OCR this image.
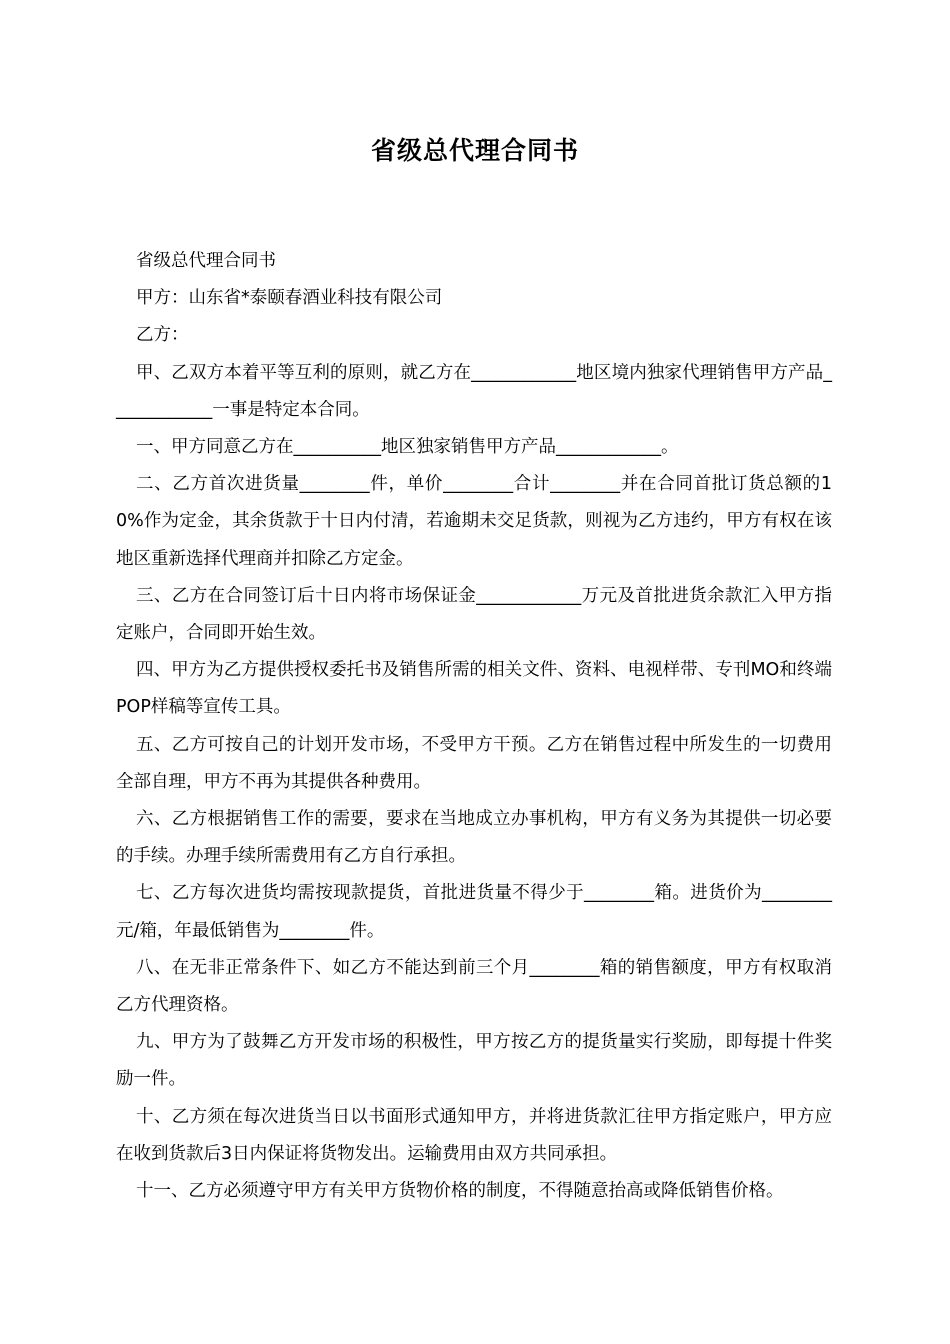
省级总代理合同书

省级总代理合同书

甲方：山东省*泰颐春酒业科技有限公司

乙方：

甲、乙双方本着平等互利的原则，就乙方在____________地区境内独家代理销售甲方产品____________一事是特定本合同。

一、甲方同意乙方在__________地区独家销售甲方产品____________。

二、乙方首次进货量________件，单价________合计________并在合同首批订货总额的10%作为定金，其余货款于十日内付清，若逾期未交足货款，则视为乙方违约，甲方有权在该地区重新选择代理商并扣除乙方定金。

三、乙方在合同签订后十日内将市场保证金____________万元及首批进货余款汇入甲方指定账户，合同即开始生效。

四、甲方为乙方提供授权委托书及销售所需的相关文件、资料、电视样带、专刊MO和终端POP样稿等宣传工具。

五、乙方可按自己的计划开发市场，不受甲方干预。乙方在销售过程中所发生的一切费用全部自理，甲方不再为其提供各种费用。

六、乙方根据销售工作的需要，要求在当地成立办事机构，甲方有义务为其提供一切必要的手续。办理手续所需费用有乙方自行承担。

七、乙方每次进货均需按现款提货，首批进货量不得少于________箱。进货价为________元/箱，年最低销售为________件。

八、在无非正常条件下、如乙方不能达到前三个月________箱的销售额度，甲方有权取消乙方代理资格。

九、甲方为了鼓舞乙方开发市场的积极性，甲方按乙方的提货量实行奖励，即每提十件奖励一件。

十、乙方须在每次进货当日以书面形式通知甲方，并将进货款汇往甲方指定账户，甲方应在收到货款后3日内保证将货物发出。运输费用由双方共同承担。

十一、乙方必须遵守甲方有关甲方货物价格的制度，不得随意抬高或降低销售价格。
